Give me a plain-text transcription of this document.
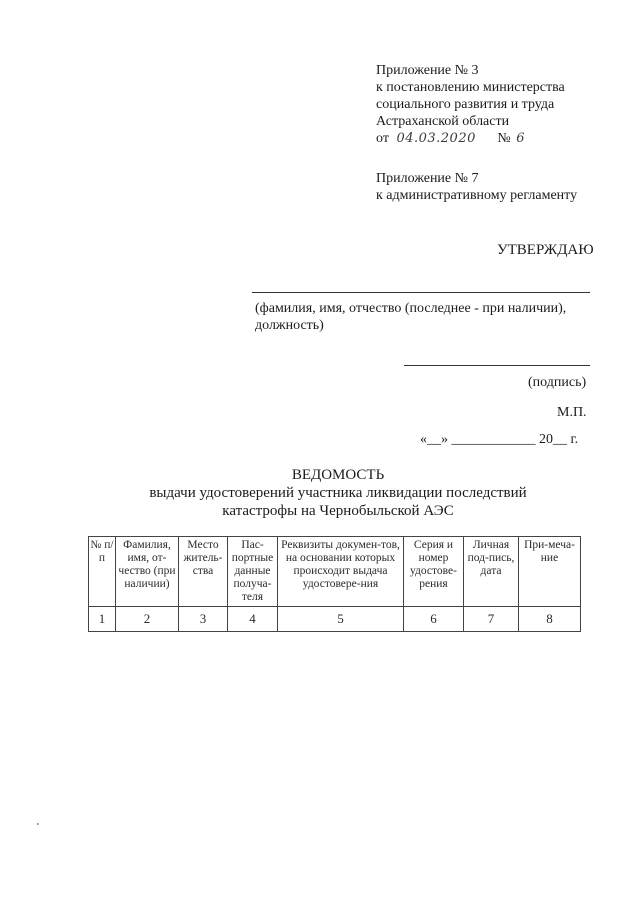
Приложение № 3
к постановлению министерства
социального развития и труда
Астраханской области
от 04.03.2020 № 6
Приложение № 7
к административному регламенту
УТВЕРЖДАЮ
(фамилия, имя, отчество (последнее - при наличии),
должность)
(подпись)
М.П.
«__» ____________ 20__ г.
ВЕДОМОСТЬ
выдачи удостоверений участника ликвидации последствий
катастрофы на Чернобыльской АЭС
№ п/п	Фамилия, имя, от-чество (при наличии)	Место житель-ства	Пас-портные данные получа-теля	Реквизиты докумен-тов, на основании которых происходит выдача удостовере-ния	Серия и номер удостове-рения	Личная под-пись, дата	При-меча-ние
1	2	3	4	5	6	7	8
